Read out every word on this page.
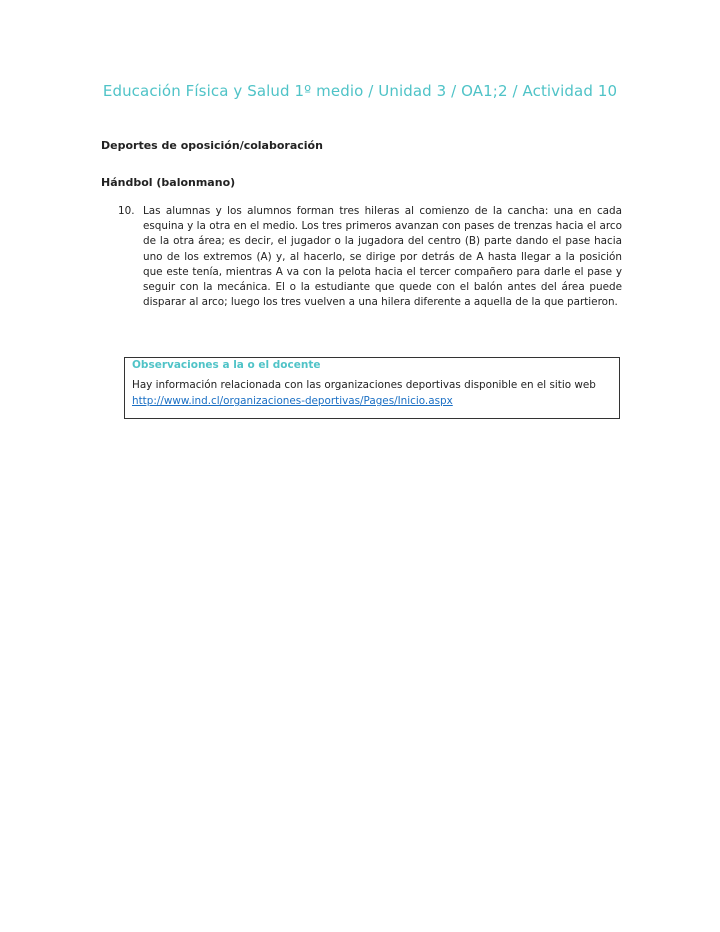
Educación Física y Salud 1º medio / Unidad 3 / OA1;2 / Actividad 10
Deportes de oposición/colaboración
Hándbol (balonmano)
10. Las alumnas y los alumnos forman tres hileras al comienzo de la cancha: una en cada esquina y la otra en el medio. Los tres primeros avanzan con pases de trenzas hacia el arco de la otra área; es decir, el jugador o la jugadora del centro (B) parte dando el pase hacia uno de los extremos (A) y, al hacerlo, se dirige por detrás de A hasta llegar a la posición que este tenía, mientras A va con la pelota hacia el tercer compañero para darle el pase y seguir con la mecánica. El o la estudiante que quede con el balón antes del área puede disparar al arco; luego los tres vuelven a una hilera diferente a aquella de la que partieron.
Observaciones a la o el docente
Hay información relacionada con las organizaciones deportivas disponible en el sitio web
http://www.ind.cl/organizaciones-deportivas/Pages/Inicio.aspx
